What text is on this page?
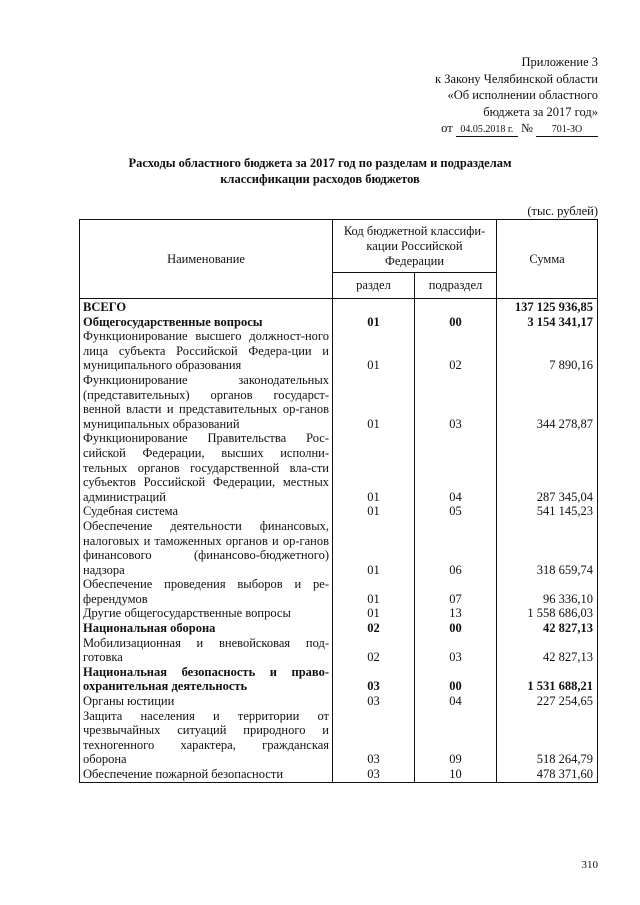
Приложение 3
к Закону Челябинской области
«Об исполнении областного
бюджета за 2017 год»
от 04.05.2018 г. № 701-ЗО
Расходы областного бюджета за 2017 год по разделам и подразделам
классификации расходов бюджетов
(тыс. рублей)
Наименование	Код бюджетной классифи-кации Российской Федерации		Сумма
	раздел	подраздел	
ВСЕГО			137 125 936,85
Общегосударственные вопросы	01	00	3 154 341,17
Функционирование высшего должност-ного лица субъекта Российской Федера-ции и муниципального образования	01	02	7 890,16
Функционирование законодательных (представительных) органов государст-венной власти и представительных ор-ганов муниципальных образований	01	03	344 278,87
Функционирование Правительства Рос-сийской Федерации, высших исполни-тельных органов государственной вла-сти субъектов Российской Федерации, местных администраций	01	04	287 345,04
Судебная система	01	05	541 145,23
Обеспечение деятельности финансовых, налоговых и таможенных органов и ор-ганов финансового (финансово-бюджетного) надзора	01	06	318 659,74
Обеспечение проведения выборов и ре-ферендумов	01	07	96 336,10
Другие общегосударственные вопросы	01	13	1 558 686,03
Национальная оборона	02	00	42 827,13
Мобилизационная и вневойсковая под-готовка	02	03	42 827,13
Национальная безопасность и право-охранительная деятельность	03	00	1 531 688,21
Органы юстиции	03	04	227 254,65
Защита населения и территории от чрезвычайных ситуаций природного и техногенного характера, гражданская оборона	03	09	518 264,79
Обеспечение пожарной безопасности	03	10	478 371,60
310
